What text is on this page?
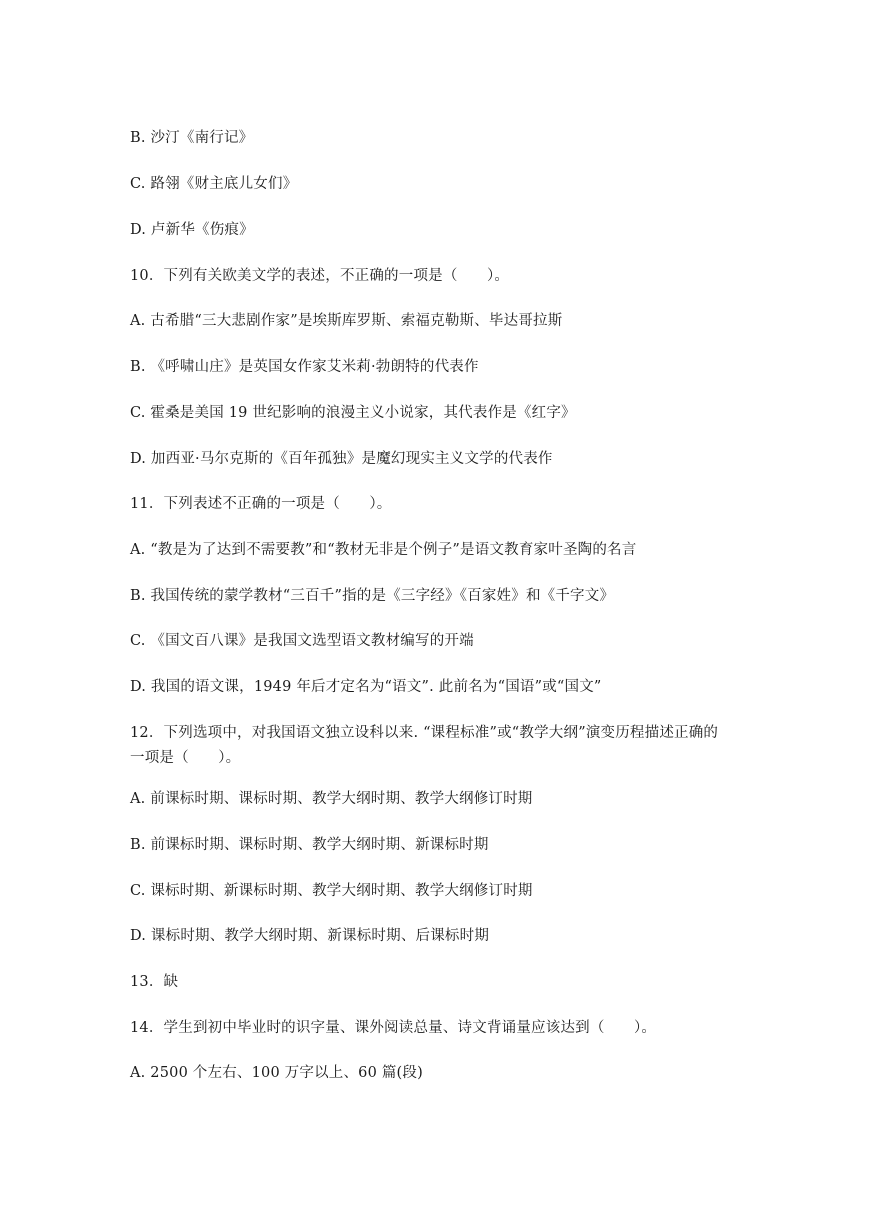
B. 沙汀《南行记》
C. 路翎《财主底儿女们》
D. 卢新华《伤痕》
10．下列有关欧美文学的表述，不正确的一项是（　　）。
A. 古希腊“三大悲剧作家”是埃斯库罗斯、索福克勒斯、毕达哥拉斯
B. 《呼啸山庄》是英国女作家艾米莉·勃朗特的代表作
C. 霍桑是美国 19 世纪影响的浪漫主义小说家，其代表作是《红字》
D. 加西亚·马尔克斯的《百年孤独》是魔幻现实主义文学的代表作
11．下列表述不正确的一项是（　　）。
A. “教是为了达到不需要教”和“教材无非是个例子”是语文教育家叶圣陶的名言
B. 我国传统的蒙学教材“三百千”指的是《三字经》《百家姓》和《千字文》
C. 《国文百八课》是我国文选型语文教材编写的开端
D. 我国的语文课，1949 年后才定名为“语文”. 此前名为“国语”或“国文”
12．下列选项中，对我国语文独立设科以来. “课程标准”或“教学大纲”演变历程描述正确的一项是（　　）。
A. 前课标时期、课标时期、教学大纲时期、教学大纲修订时期
B. 前课标时期、课标时期、教学大纲时期、新课标时期
C. 课标时期、新课标时期、教学大纲时期、教学大纲修订时期
D. 课标时期、教学大纲时期、新课标时期、后课标时期
13．缺
14．学生到初中毕业时的识字量、课外阅读总量、诗文背诵量应该达到（　　）。
A. 2500 个左右、100 万字以上、60 篇(段)
